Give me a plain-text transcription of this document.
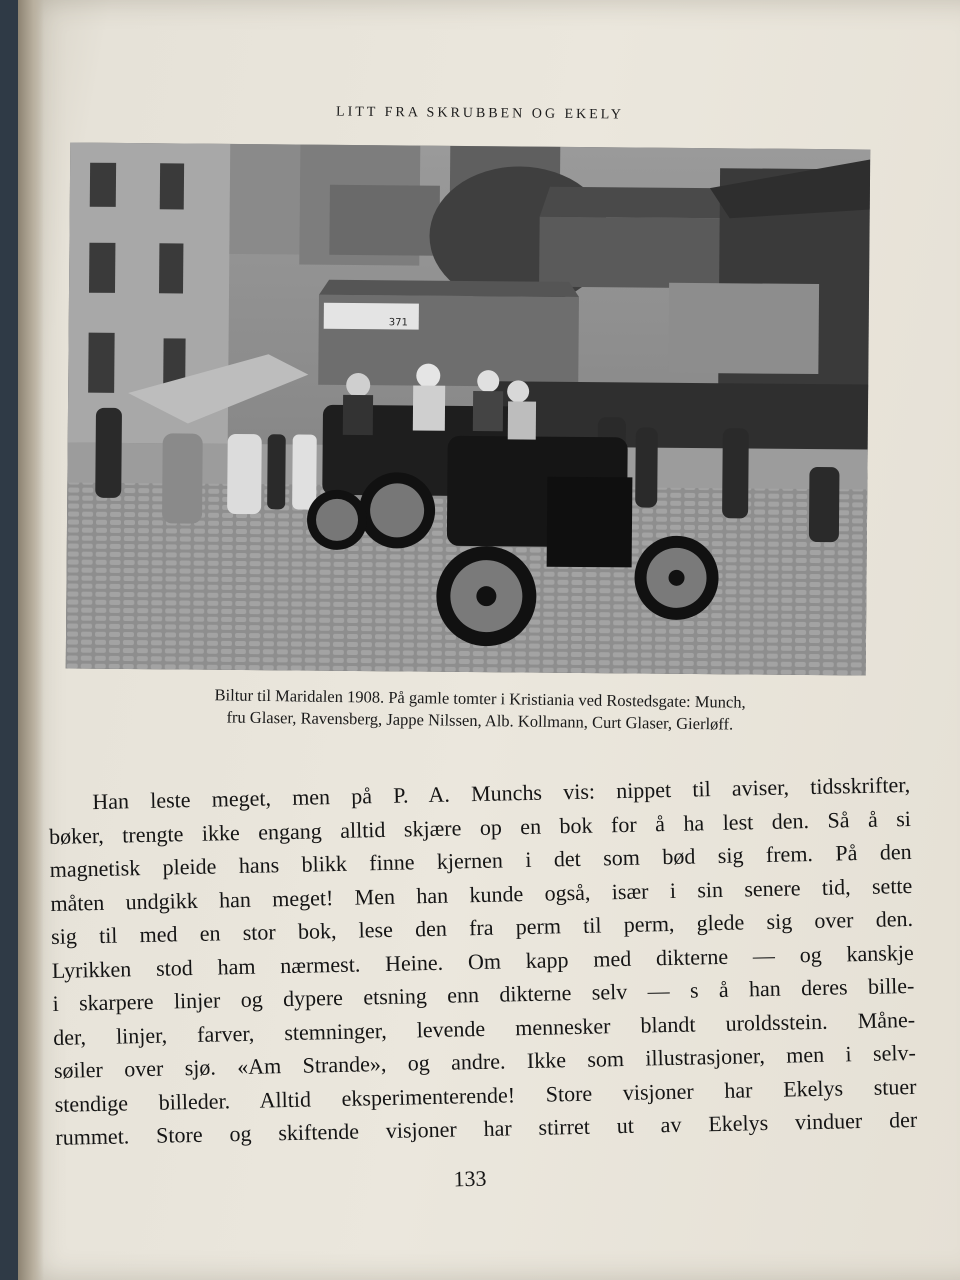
LITT FRA SKRUBBEN OG EKELY
371
Biltur til Maridalen 1908. På gamle tomter i Kristiania ved Rostedsgate: Munch,
fru Glaser, Ravensberg, Jappe Nilssen, Alb. Kollmann, Curt Glaser, Gierløff.
Han leste meget, men på P. A. Munchs vis: nippet til aviser, tidsskrifter,
bøker, trengte ikke engang alltid skjære op en bok for å ha lest den. Så å si
magnetisk pleide hans blikk finne kjernen i det som bød sig frem. På den
måten undgikk han meget! Men han kunde også, især i sin senere tid, sette
sig til med en stor bok, lese den fra perm til perm, glede sig over den.
Lyrikken stod ham nærmest. Heine. Om kapp med dikterne — og kanskje
i skarpere linjer og dypere etsning enn dikterne selv — s å han deres bille-
der, linjer, farver, stemninger, levende mennesker blandt uroldsstein. Måne-
søiler over sjø. «Am Strande», og andre. Ikke som illustrasjoner, men i selv-
stendige billeder. Alltid eksperimenterende! Store visjoner har Ekelys stuer
rummet. Store og skiftende visjoner har stirret ut av Ekelys vinduer der
133
